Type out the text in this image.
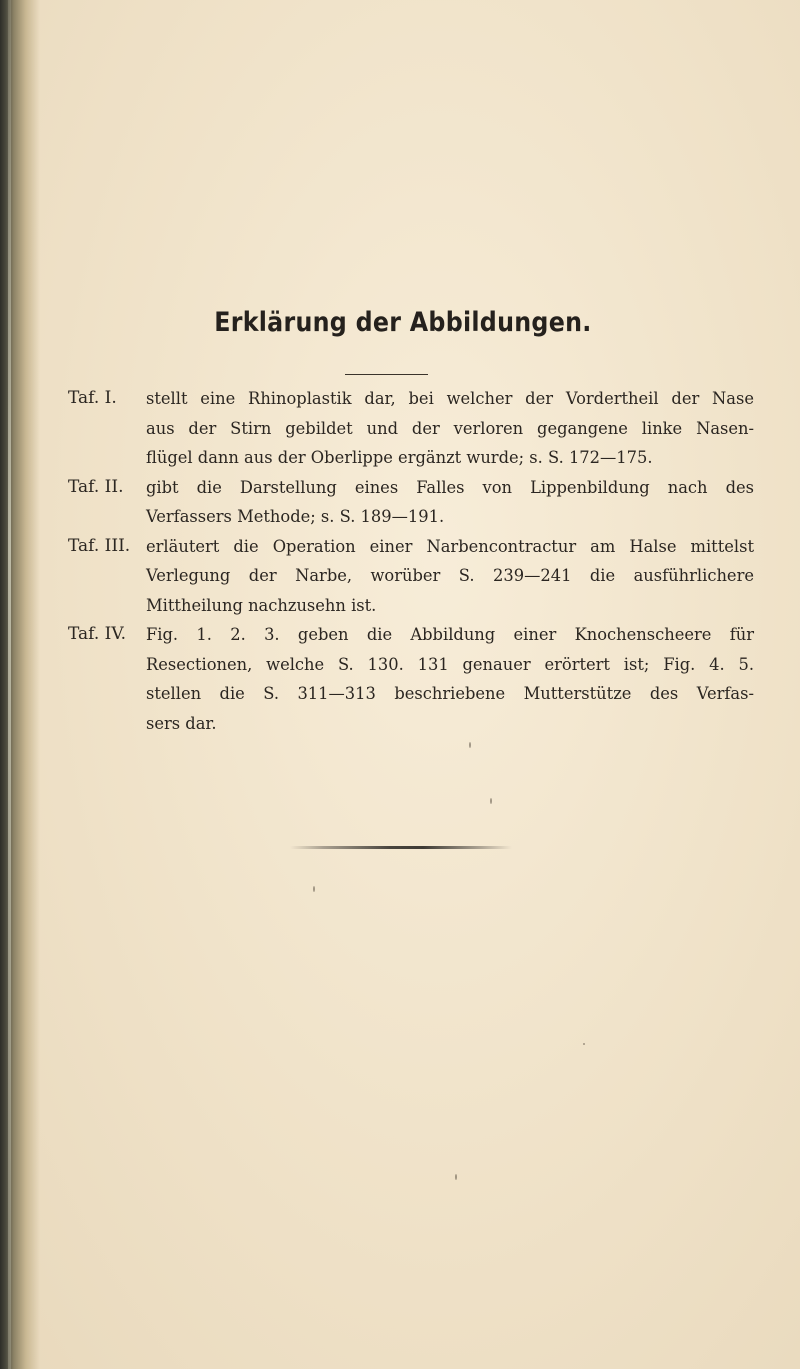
Erklärung der Abbildungen.
Taf. I.	stellt eine Rhinoplastik dar, bei welcher der Vordertheil der Nase
aus der Stirn gebildet und der verloren gegangene linke Nasen-
flügel dann aus der Oberlippe ergänzt wurde; s. S. 172—175.
Taf. II.	gibt die Darstellung eines Falles von Lippenbildung nach des
Verfassers Methode; s. S. 189—191.
Taf. III. erläutert die Operation einer Narbencontractur am Halse mittelst
Verlegung der Narbe, worüber S. 239—241 die ausführlichere
Mittheilung nachzusehn ist.
Taf. IV.	Fig. 1. 2. 3. geben die Abbildung einer Knochenscheere für
Resectionen, welche S. 130. 131 genauer erörtert ist; Fig. 4. 5.
stellen die S. 311—313 beschriebene Mutterstütze des Verfas-
sers dar.
